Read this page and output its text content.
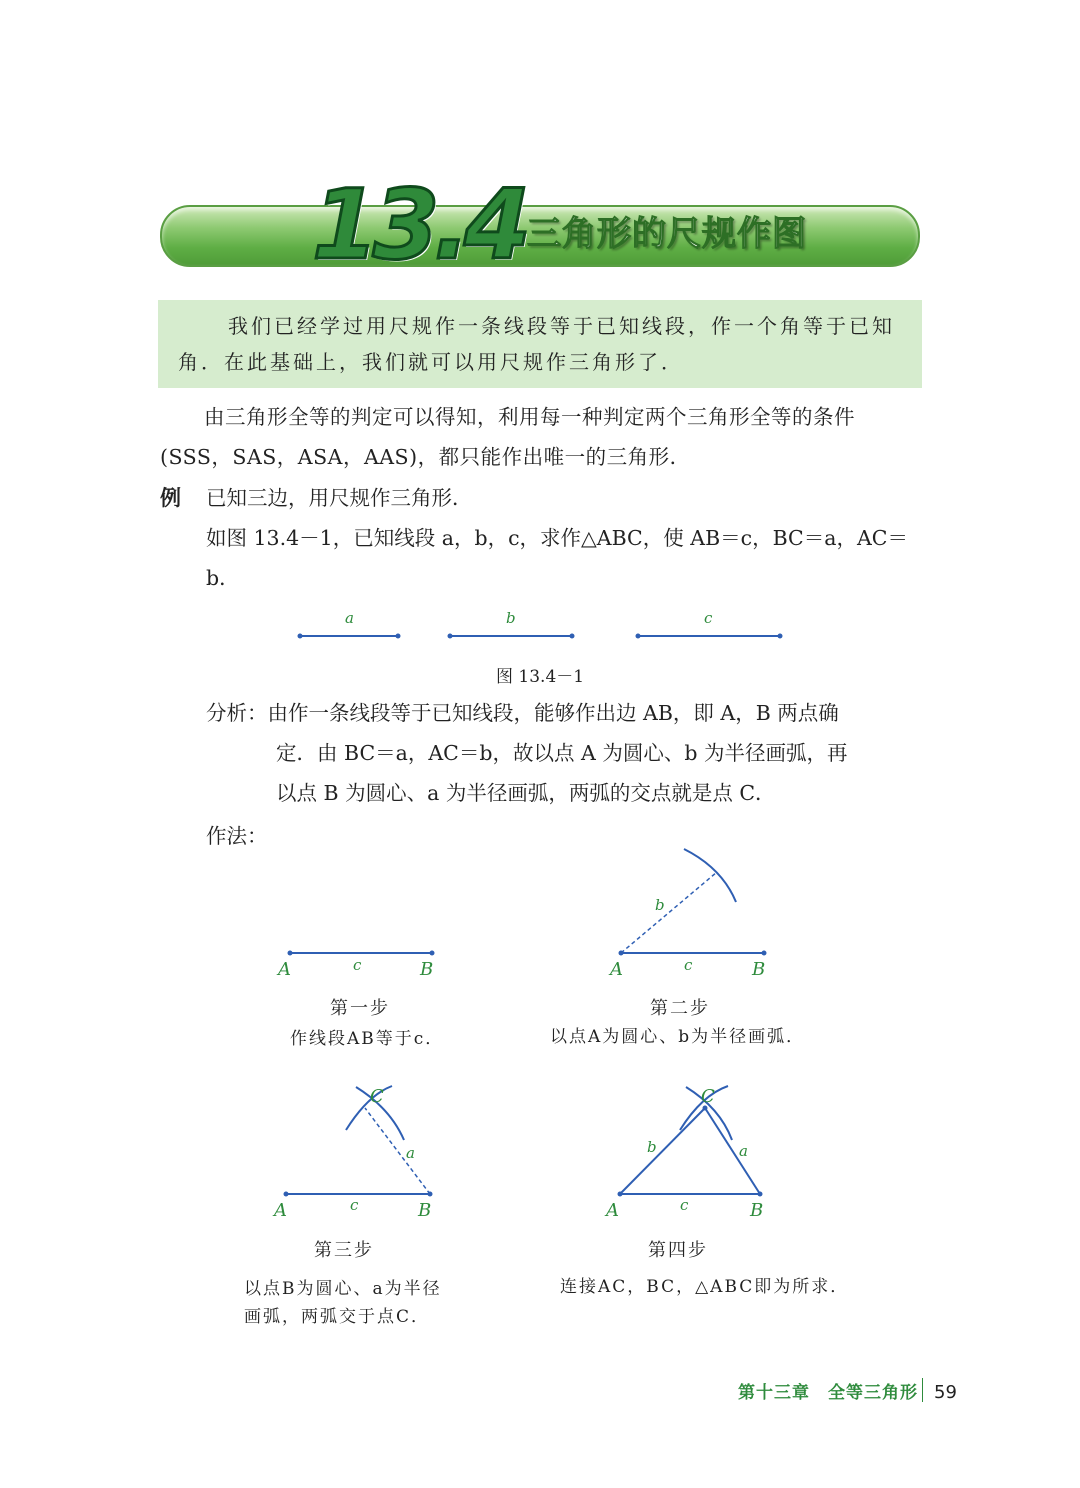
13.4 三角形的尺规作图
我们已经学过用尺规作一条线段等于已知线段，作一个角等于已知角．在此基础上，我们就可以用尺规作三角形了．
由三角形全等的判定可以得知，利用每一种判定两个三角形全等的条件(SSS，SAS，ASA，AAS)，都只能作出唯一的三角形．
例 已知三边，用尺规作三角形．
如图 13.4－1，已知线段 a，b，c，求作△ABC，使 AB＝c，BC＝a，AC＝b．
a	b	c
图 13.4－1
分析：由作一条线段等于已知线段，能够作出边 AB，即 A，B 两点确
定．由 BC＝a，AC＝b，故以点 A 为圆心、b 为半径画弧，再
以点 B 为圆心、a 为半径画弧，两弧的交点就是点 C．
作法：
A	c	B
第一步
作线段AB等于c．
b
A	c	B
第二步
以点A为圆心、b为半径画弧．
C
a
A	c	B
第三步
以点B为圆心、a为半径
画弧，两弧交于点C．
C
b	a
A	c	B
第四步
连接AC，BC，△ABC即为所求．
第十三章　全等三角形 59
